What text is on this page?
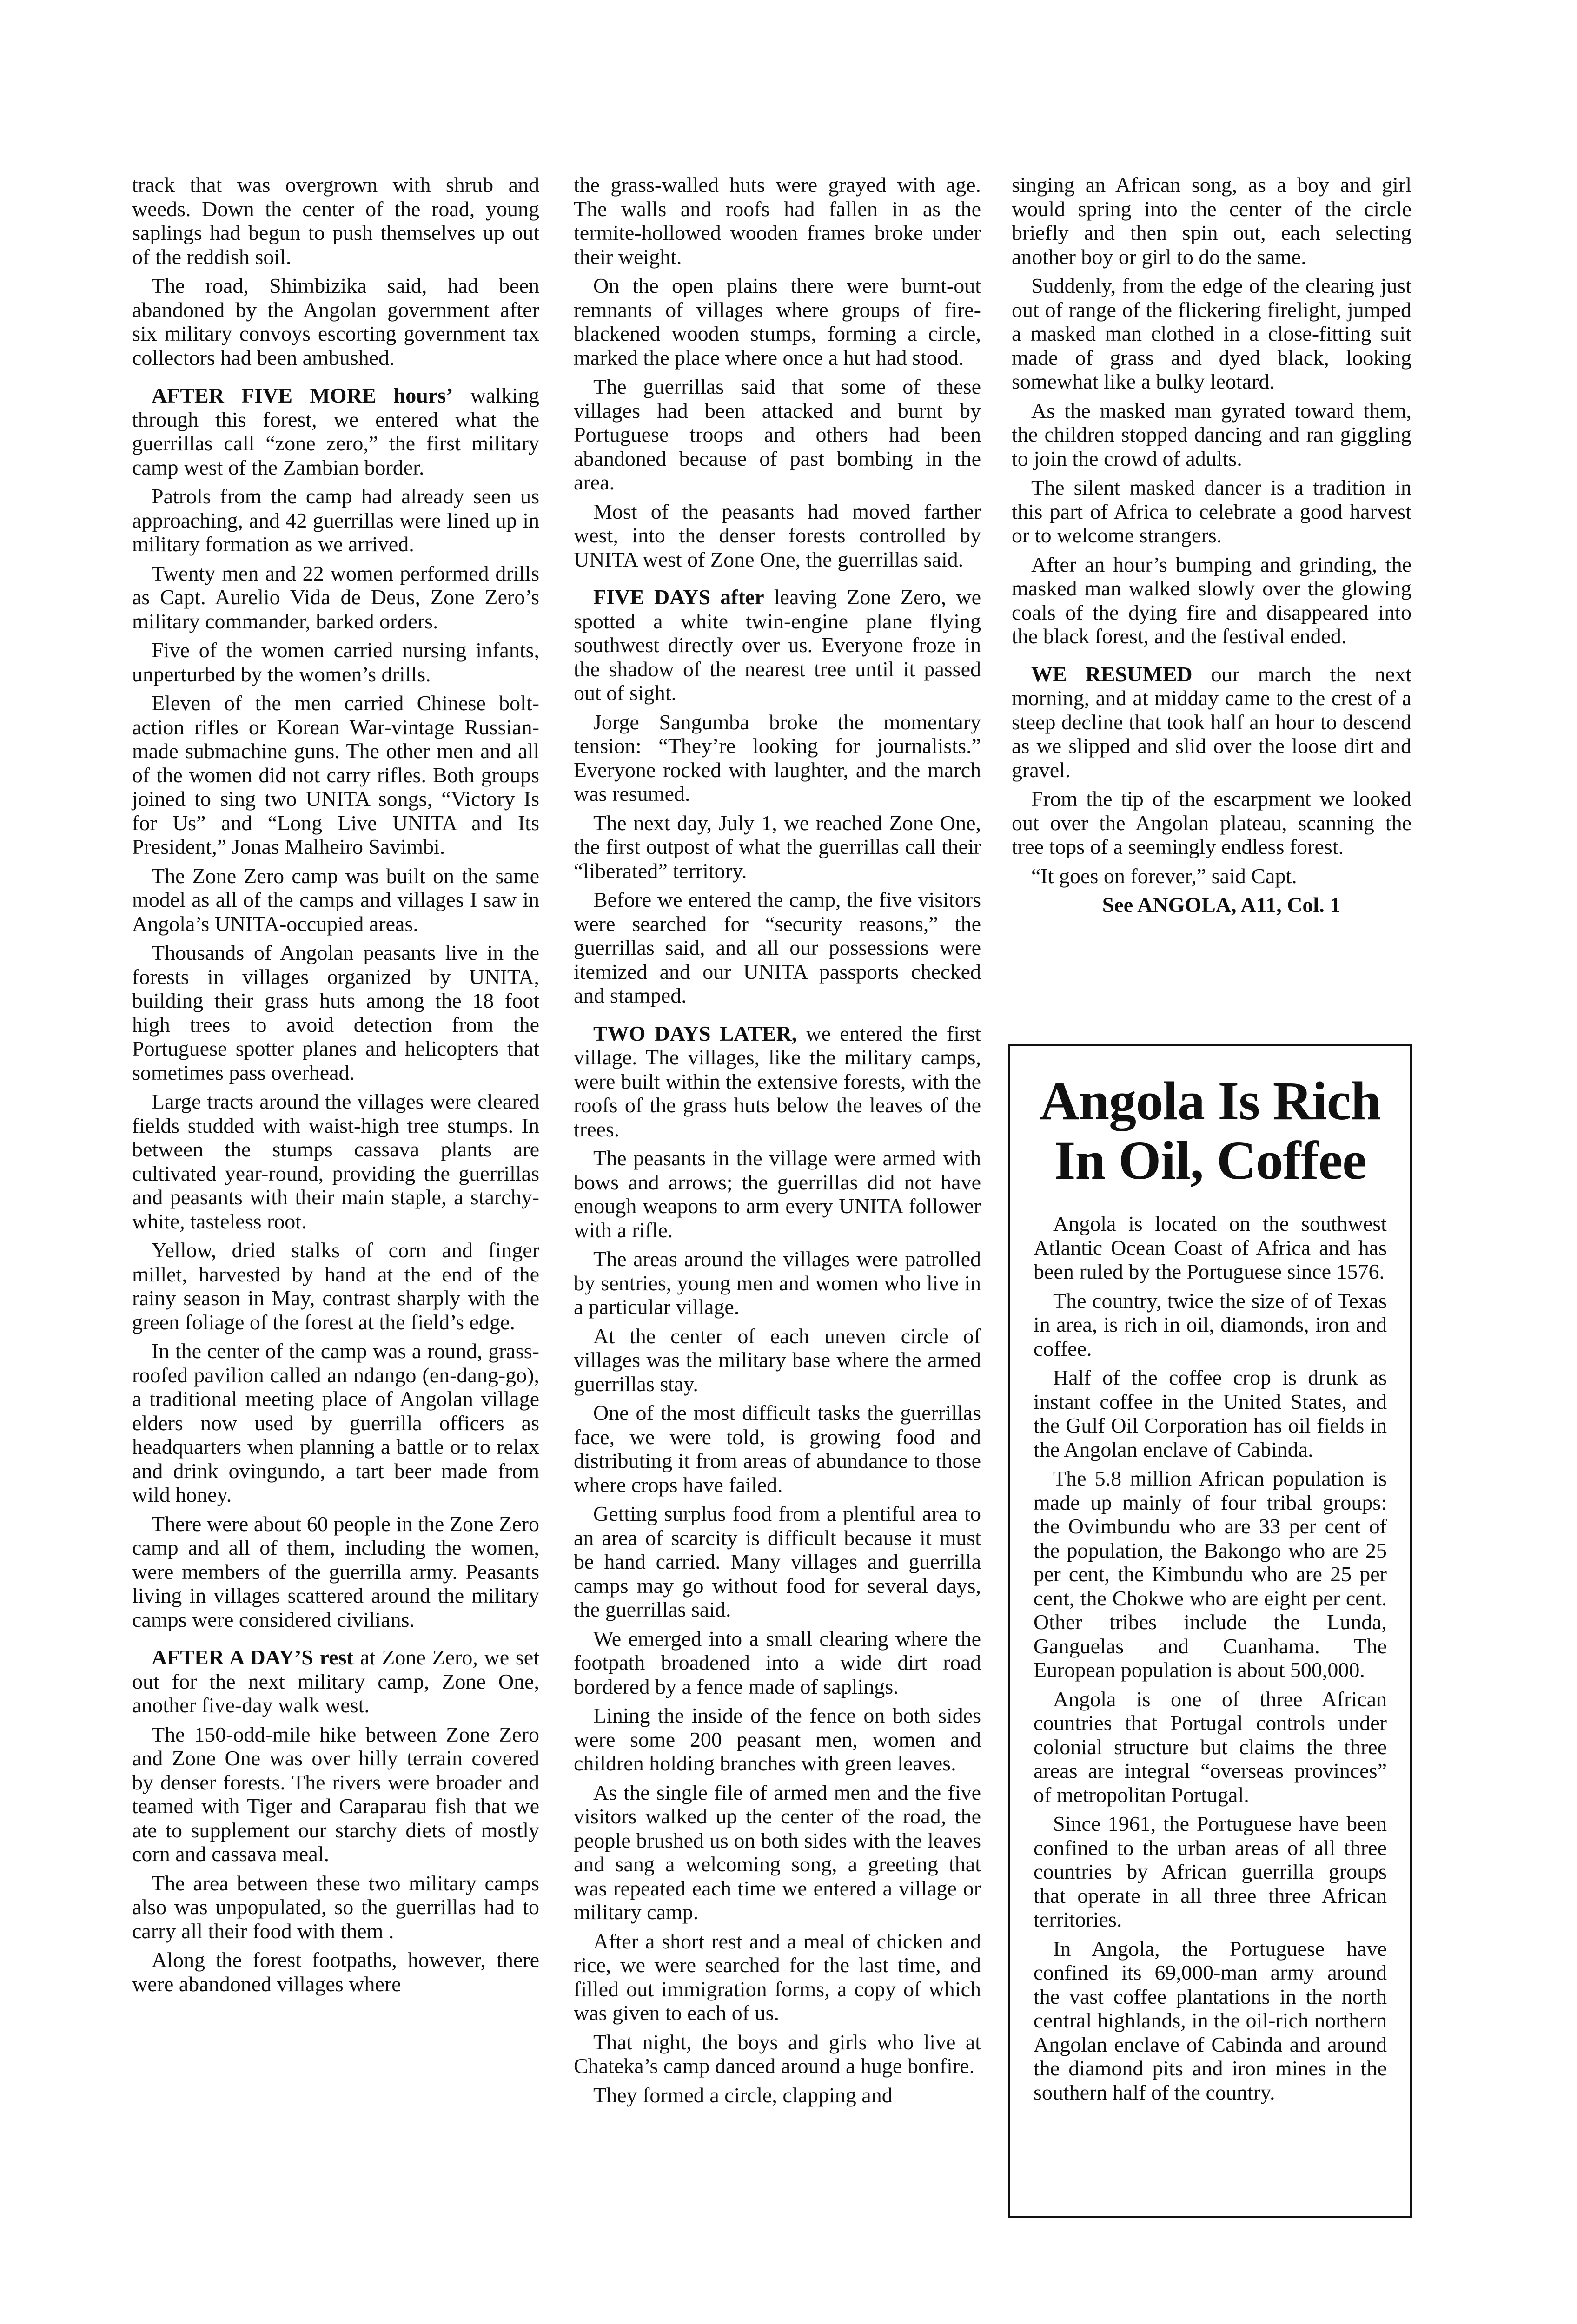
track that was overgrown with shrub and weeds. Down the center of the road, young saplings had begun to push themselves up out of the reddish soil.

The road, Shimbizika said, had been abandoned by the Angolan government after six military convoys escorting government tax collectors had been ambushed.

AFTER FIVE MORE hours’ walking through this forest, we entered what the guerrillas call “zone zero,” the first military camp west of the Zambian border.

Patrols from the camp had already seen us approaching, and 42 guerrillas were lined up in military formation as we arrived.

Twenty men and 22 women performed drills as Capt. Aurelio Vida de Deus, Zone Zero’s military commander, barked orders.

Five of the women carried nursing infants, unperturbed by the women’s drills.

Eleven of the men carried Chinese bolt-action rifles or Korean War-vintage Russian-made submachine guns. The other men and all of the women did not carry rifles. Both groups joined to sing two UNITA songs, “Victory Is for Us” and “Long Live UNITA and Its President,” Jonas Malheiro Savimbi.

The Zone Zero camp was built on the same model as all of the camps and villages I saw in Angola’s UNITA-occupied areas.

Thousands of Angolan peasants live in the forests in villages organized by UNITA, building their grass huts among the 18 foot high trees to avoid detection from the Portuguese spotter planes and helicopters that sometimes pass overhead.

Large tracts around the villages were cleared fields studded with waist-high tree stumps. In between the stumps cassava plants are cultivated year-round, providing the guerrillas and peasants with their main staple, a starchy-white, tasteless root.

Yellow, dried stalks of corn and finger millet, harvested by hand at the end of the rainy season in May, contrast sharply with the green foliage of the forest at the field’s edge.

In the center of the camp was a round, grass-roofed pavilion called an ndango (en-dang-go), a traditional meeting place of Angolan village elders now used by guerrilla officers as headquarters when planning a battle or to relax and drink ovingundo, a tart beer made from wild honey.

There were about 60 people in the Zone Zero camp and all of them, including the women, were members of the guerrilla army. Peasants living in villages scattered around the military camps were considered civilians.

AFTER A DAY’S rest at Zone Zero, we set out for the next military camp, Zone One, another five-day walk west.

The 150-odd-mile hike between Zone Zero and Zone One was over hilly terrain covered by denser forests. The rivers were broader and teamed with Tiger and Caraparau fish that we ate to supplement our starchy diets of mostly corn and cassava meal.

The area between these two military camps also was unpopulated, so the guerrillas had to carry all their food with them .

Along the forest footpaths, however, there were abandoned villages where

the grass-walled huts were grayed with age. The walls and roofs had fallen in as the termite-hollowed wooden frames broke under their weight.

On the open plains there were burnt-out remnants of villages where groups of fire-blackened wooden stumps, forming a circle, marked the place where once a hut had stood.

The guerrillas said that some of these villages had been attacked and burnt by Portuguese troops and others had been abandoned because of past bombing in the area.

Most of the peasants had moved farther west, into the denser forests controlled by UNITA west of Zone One, the guerrillas said.

FIVE DAYS after leaving Zone Zero, we spotted a white twin-engine plane flying southwest directly over us. Everyone froze in the shadow of the nearest tree until it passed out of sight.

Jorge Sangumba broke the momentary tension: “They’re looking for journalists.” Everyone rocked with laughter, and the march was resumed.

The next day, July 1, we reached Zone One, the first outpost of what the guerrillas call their “liberated” territory.

Before we entered the camp, the five visitors were searched for “security reasons,” the guerrillas said, and all our possessions were itemized and our UNITA passports checked and stamped.

TWO DAYS LATER, we entered the first village. The villages, like the military camps, were built within the extensive forests, with the roofs of the grass huts below the leaves of the trees.

The peasants in the village were armed with bows and arrows; the guerrillas did not have enough weapons to arm every UNITA follower with a rifle.

The areas around the villages were patrolled by sentries, young men and women who live in a particular village.

At the center of each uneven circle of villages was the military base where the armed guerrillas stay.

One of the most difficult tasks the guerrillas face, we were told, is growing food and distributing it from areas of abundance to those where crops have failed.

Getting surplus food from a plentiful area to an area of scarcity is difficult because it must be hand carried. Many villages and guerrilla camps may go without food for several days, the guerrillas said.

We emerged into a small clearing where the footpath broadened into a wide dirt road bordered by a fence made of saplings.

Lining the inside of the fence on both sides were some 200 peasant men, women and children holding branches with green leaves.

As the single file of armed men and the five visitors walked up the center of the road, the people brushed us on both sides with the leaves and sang a welcoming song, a greeting that was repeated each time we entered a village or military camp.

After a short rest and a meal of chicken and rice, we were searched for the last time, and filled out immigration forms, a copy of which was given to each of us.

That night, the boys and girls who live at Chateka’s camp danced around a huge bonfire.

They formed a circle, clapping and

singing an African song, as a boy and girl would spring into the center of the circle briefly and then spin out, each selecting another boy or girl to do the same.

Suddenly, from the edge of the clearing just out of range of the flickering firelight, jumped a masked man clothed in a close-fitting suit made of grass and dyed black, looking somewhat like a bulky leotard.

As the masked man gyrated toward them, the children stopped dancing and ran giggling to join the crowd of adults.

The silent masked dancer is a tradition in this part of Africa to celebrate a good harvest or to welcome strangers.

After an hour’s bumping and grinding, the masked man walked slowly over the glowing coals of the dying fire and disappeared into the black forest, and the festival ended.

WE RESUMED our march the next morning, and at midday came to the crest of a steep decline that took half an hour to descend as we slipped and slid over the loose dirt and gravel.

From the tip of the escarpment we looked out over the Angolan plateau, scanning the tree tops of a seemingly endless forest.

“It goes on forever,” said Capt.

See ANGOLA, A11, Col. 1

Angola Is Rich
In Oil, Coffee

Angola is located on the southwest Atlantic Ocean Coast of Africa and has been ruled by the Portuguese since 1576.

The country, twice the size of of Texas in area, is rich in oil, diamonds, iron and coffee.

Half of the coffee crop is drunk as instant coffee in the United States, and the Gulf Oil Corporation has oil fields in the Angolan enclave of Cabinda.

The 5.8 million African population is made up mainly of four tribal groups: the Ovimbundu who are 33 per cent of the population, the Bakongo who are 25 per cent, the Kimbundu who are 25 per cent, the Chokwe who are eight per cent. Other tribes include the Lunda, Ganguelas and Cuanhama. The European population is about 500,000.

Angola is one of three African countries that Portugal controls under colonial structure but claims the three areas are integral “overseas provinces” of metropolitan Portugal.

Since 1961, the Portuguese have been confined to the urban areas of all three countries by African guerrilla groups that operate in all three three African territories.

In Angola, the Portuguese have confined its 69,000-man army around the vast coffee plantations in the north central highlands, in the oil-rich northern Angolan enclave of Cabinda and around the diamond pits and iron mines in the southern half of the country.
